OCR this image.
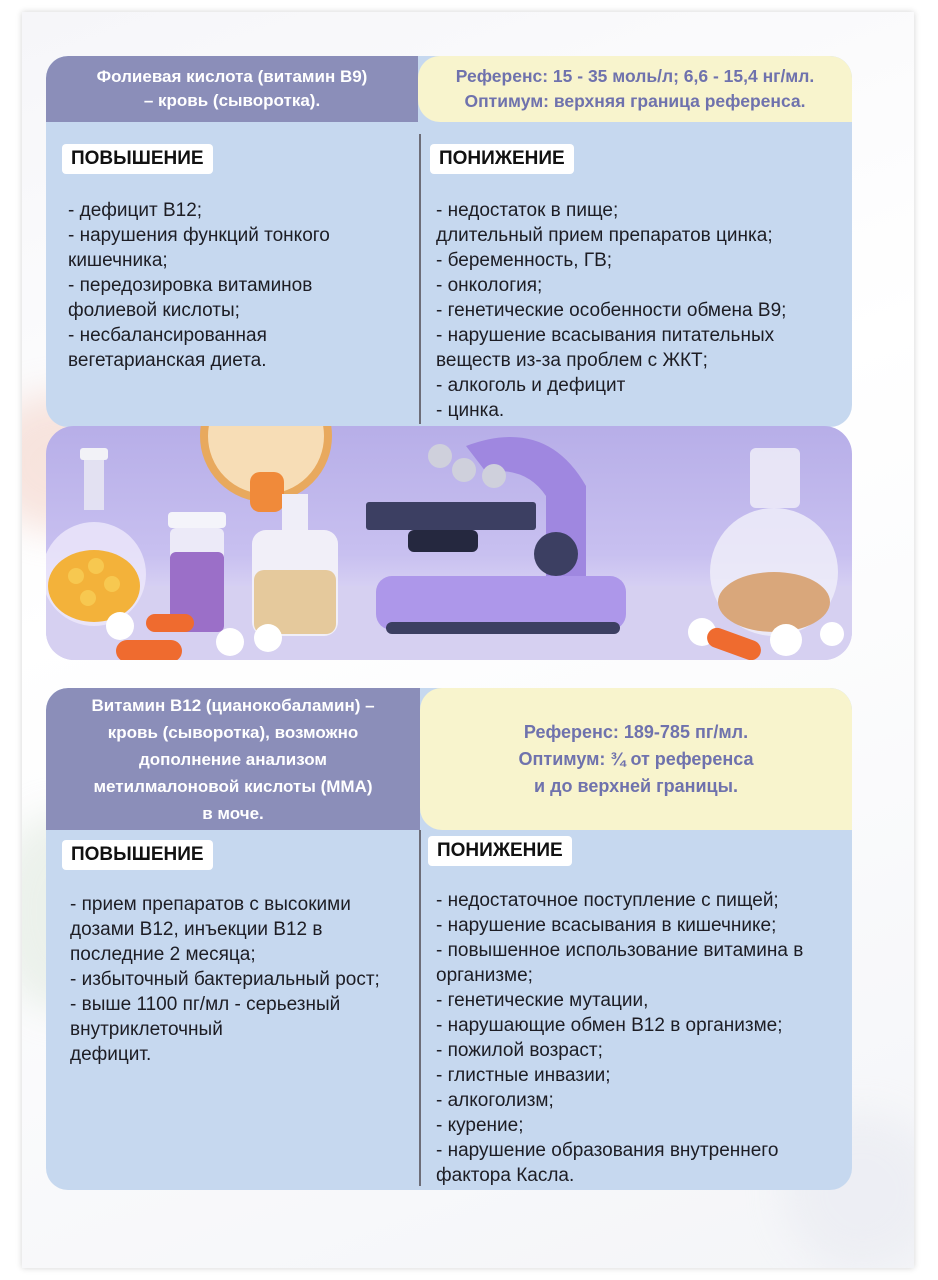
Фолиевая кислота (витамин B9)
– кровь (сыворотка).
Референс: 15 - 35 моль/л; 6,6 - 15,4 нг/мл.
Оптимум: верхняя граница референса.
ПОВЫШЕНИЕ	ПОНИЖЕНИЕ
- дефицит B12;
- нарушения функций тонкого кишечника;
- передозировка витаминов фолиевой кислоты;
- несбалансированная вегетарианская диета.
- недостаток в пище;
длительный прием препаратов цинка;
- беременность, ГВ;
- онкология;
- генетические особенности обмена B9;
- нарушение всасывания питательных веществ из-за проблем с ЖКТ;
- алкоголь и дефицит
- цинка.
Витамин B12 (цианокобаламин) –
кровь (сыворотка), возможно
дополнение анализом
метилмалоновой кислоты (ММА)
в моче.
Референс: 189-785 пг/мл.
Оптимум: ¾ от референса
и до верхней границы.
ПОВЫШЕНИЕ	ПОНИЖЕНИЕ
- прием препаратов с высокими дозами B12, инъекции B12 в последние 2 месяца;
- избыточный бактериальный рост;
- выше 1100 пг/мл - серьезный внутриклеточный
дефицит.
- недостаточное поступление с пищей;
- нарушение всасывания в кишечнике;
- повышенное использование витамина в организме;
- генетические мутации,
- нарушающие обмен B12 в организме;
- пожилой возраст;
- глистные инвазии;
- алкоголизм;
- курение;
- нарушение образования внутреннего фактора Касла.
